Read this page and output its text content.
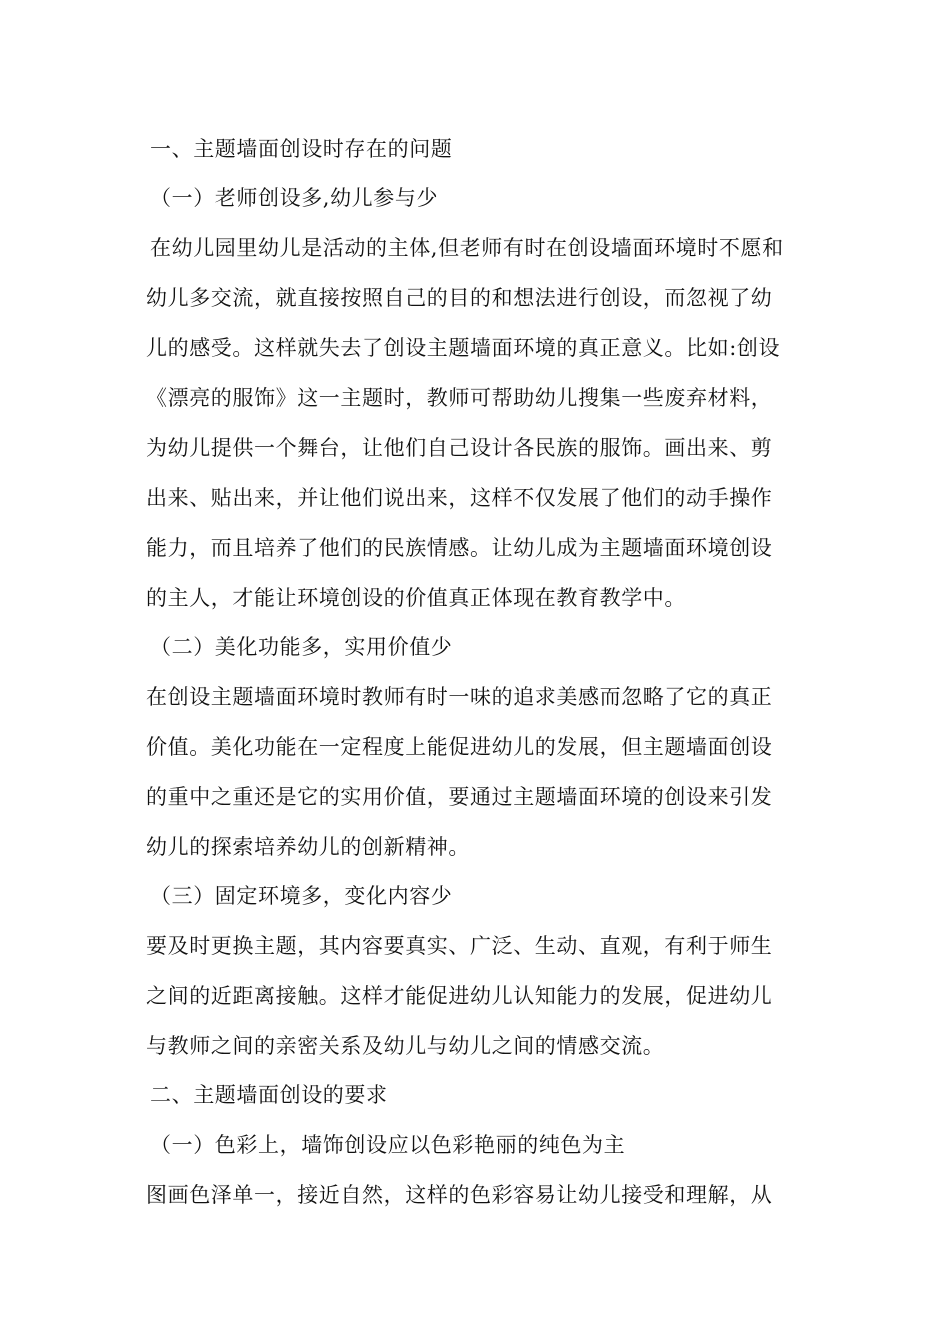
一、主题墙面创设时存在的问题
（一）老师创设多,幼儿参与少
在幼儿园里幼儿是活动的主体,但老师有时在创设墙面环境时不愿和
幼儿多交流，就直接按照自己的目的和想法进行创设，而忽视了幼
儿的感受。这样就失去了创设主题墙面环境的真正意义。比如:创设
《漂亮的服饰》这一主题时，教师可帮助幼儿搜集一些废弃材料，
为幼儿提供一个舞台，让他们自己设计各民族的服饰。画出来、剪
出来、贴出来，并让他们说出来，这样不仅发展了他们的动手操作
能力，而且培养了他们的民族情感。让幼儿成为主题墙面环境创设
的主人，才能让环境创设的价值真正体现在教育教学中。
（二）美化功能多，实用价值少
在创设主题墙面环境时教师有时一味的追求美感而忽略了它的真正
价值。美化功能在一定程度上能促进幼儿的发展，但主题墙面创设
的重中之重还是它的实用价值，要通过主题墙面环境的创设来引发
幼儿的探索培养幼儿的创新精神。
（三）固定环境多，变化内容少
要及时更换主题，其内容要真实、广泛、生动、直观，有利于师生
之间的近距离接触。这样才能促进幼儿认知能力的发展，促进幼儿
与教师之间的亲密关系及幼儿与幼儿之间的情感交流。
二、主题墙面创设的要求
（一）色彩上，墙饰创设应以色彩艳丽的纯色为主
图画色泽单一，接近自然，这样的色彩容易让幼儿接受和理解，从
